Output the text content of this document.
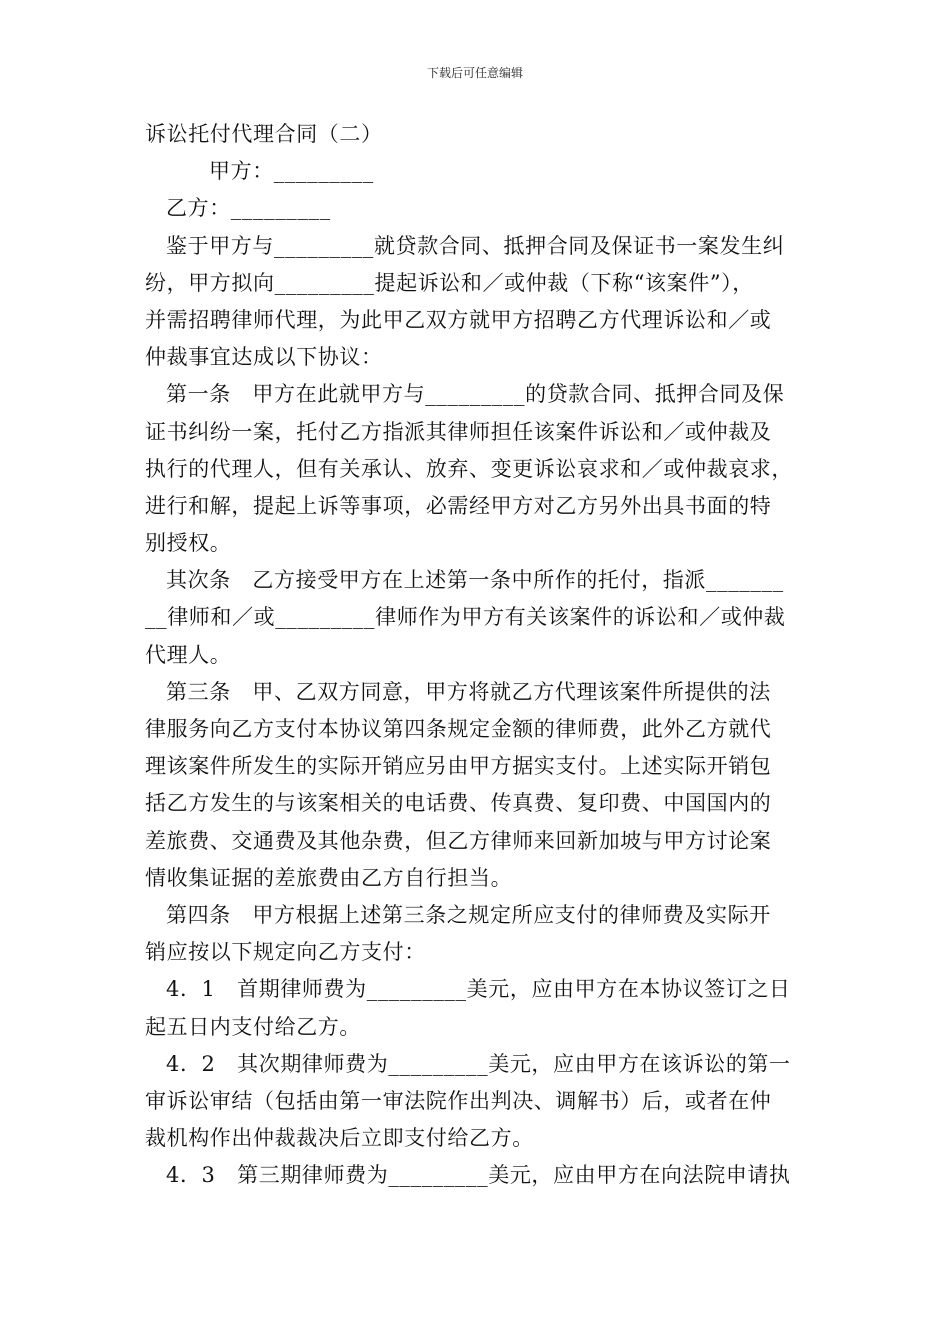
下载后可任意编辑
诉讼托付代理合同（二）
甲方：_________
乙方：_________
鉴于甲方与_________就贷款合同、抵押合同及保证书一案发生纠
纷，甲方拟向_________提起诉讼和／或仲裁（下称“该案件”），
并需招聘律师代理，为此甲乙双方就甲方招聘乙方代理诉讼和／或
仲裁事宜达成以下协议：
第一条　甲方在此就甲方与_________的贷款合同、抵押合同及保
证书纠纷一案，托付乙方指派其律师担任该案件诉讼和／或仲裁及
执行的代理人，但有关承认、放弃、变更诉讼哀求和／或仲裁哀求，
进行和解，提起上诉等事项，必需经甲方对乙方另外出具书面的特
别授权。
其次条　乙方接受甲方在上述第一条中所作的托付，指派_______
__律师和／或_________律师作为甲方有关该案件的诉讼和／或仲裁
代理人。
第三条　甲、乙双方同意，甲方将就乙方代理该案件所提供的法
律服务向乙方支付本协议第四条规定金额的律师费，此外乙方就代
理该案件所发生的实际开销应另由甲方据实支付。上述实际开销包
括乙方发生的与该案相关的电话费、传真费、复印费、中国国内的
差旅费、交通费及其他杂费，但乙方律师来回新加坡与甲方讨论案
情收集证据的差旅费由乙方自行担当。
第四条　甲方根据上述第三条之规定所应支付的律师费及实际开
销应按以下规定向乙方支付：
4．1　首期律师费为_________美元，应由甲方在本协议签订之日
起五日内支付给乙方。
4．2　其次期律师费为_________美元，应由甲方在该诉讼的第一
审诉讼审结（包括由第一审法院作出判决、调解书）后，或者在仲
裁机构作出仲裁裁决后立即支付给乙方。
4．3　第三期律师费为_________美元，应由甲方在向法院申请执
